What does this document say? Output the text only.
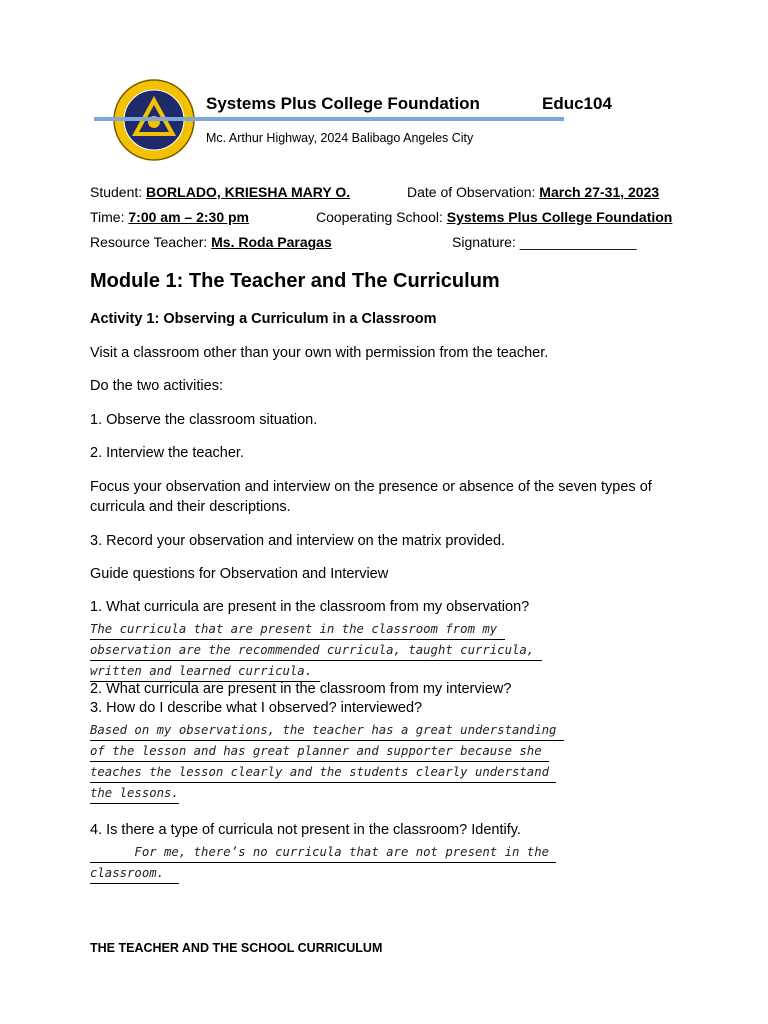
Systems Plus College Foundation	Educ104
Mc. Arthur Highway, 2024 Balibago Angeles City
Student: BORLADO, KRIESHA MARY O.	Date of Observation: March 27-31, 2023
Time: 7:00 am – 2:30 pm	Cooperating School: Systems Plus College Foundation
Resource Teacher: Ms. Roda Paragas	Signature: _______________
Module 1: The Teacher and The Curriculum
Activity 1: Observing a Curriculum in a Classroom
Visit a classroom other than your own with permission from the teacher.
Do the two activities:
1. Observe the classroom situation.
2. Interview the teacher.
Focus your observation and interview on the presence or absence of the seven types of
curricula and their descriptions.
3. Record your observation and interview on the matrix provided.
Guide questions for Observation and Interview
1. What curricula are present in the classroom from my observation?
The curricula that are present in the classroom from my
observation are the recommended curricula, taught curricula,
written and learned curricula.
2. What curricula are present in the classroom from my interview?
3. How do I describe what I observed? interviewed?
Based on my observations, the teacher has a great understanding
of the lesson and has great planner and supporter because she
teaches the lesson clearly and the students clearly understand
the lessons.
4. Is there a type of curricula not present in the classroom? Identify.
For me, there’s no curricula that are not present in the
classroom.
THE TEACHER AND THE SCHOOL CURRICULUM
